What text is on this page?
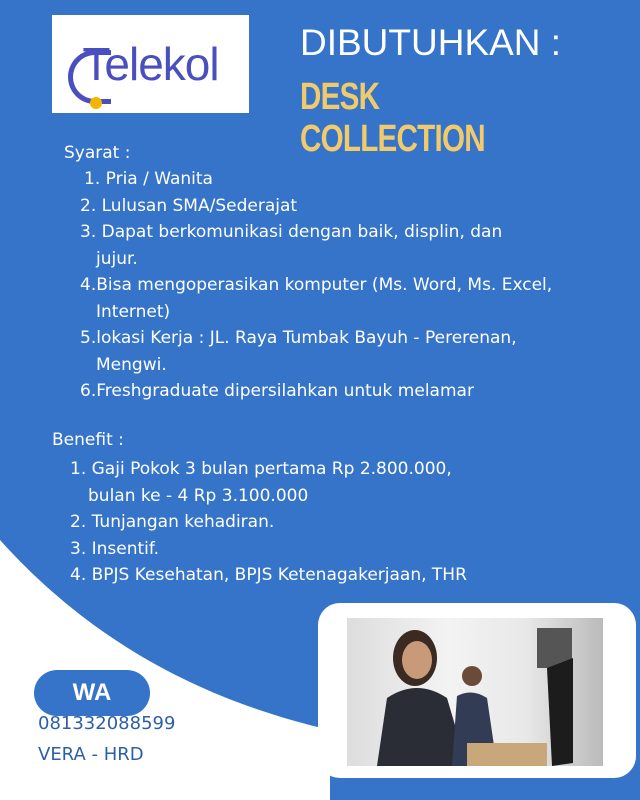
Telekol DIBUTUHKAN :
DESK
COLLECTION
Syarat :
1. Pria / Wanita
2. Lulusan SMA/Sederajat
3. Dapat berkomunikasi dengan baik, displin, dan
jujur.
4.Bisa mengoperasikan komputer (Ms. Word, Ms. Excel,
Internet)
5.lokasi Kerja : JL. Raya Tumbak Bayuh - Pererenan,
Mengwi.
6.Freshgraduate dipersilahkan untuk melamar
Benefit :
1. Gaji Pokok 3 bulan pertama Rp 2.800.000,
bulan ke - 4 Rp 3.100.000
2. Tunjangan kehadiran.
3. Insentif.
4. BPJS Kesehatan, BPJS Ketenagakerjaan, THR
WA
081332088599
VERA - HRD
